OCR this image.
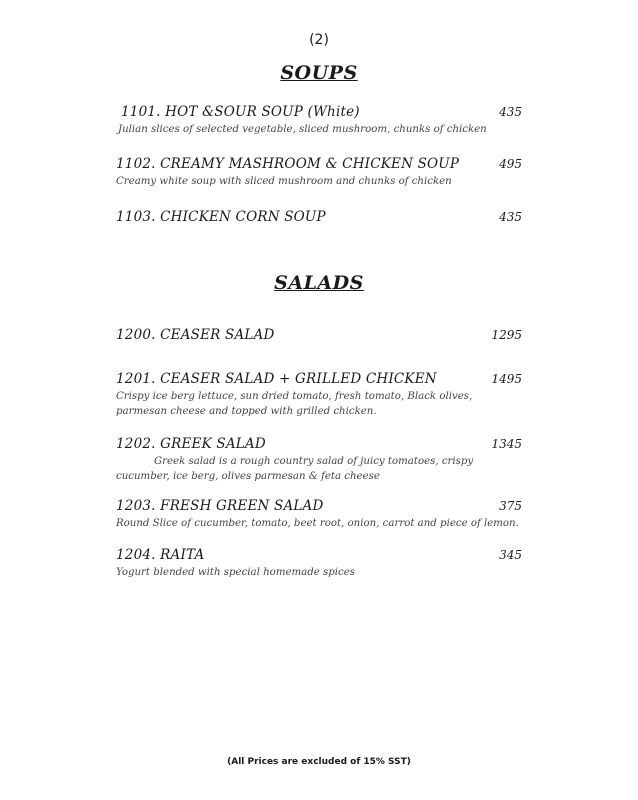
(2)
SOUPS
1101. HOT &SOUR SOUP (White)	435
Julian slices of selected vegetable, sliced mushroom, chunks of chicken
1102. CREAMY MASHROOM & CHICKEN SOUP	495
Creamy white soup with sliced mushroom and chunks of chicken
1103. CHICKEN CORN SOUP	435
SALADS
1200. CEASER SALAD	1295
1201. CEASER SALAD + GRILLED CHICKEN	1495
Crispy ice berg lettuce, sun dried tomato, fresh tomato, Black olives, parmesan cheese and topped with grilled chicken.
1202. GREEK SALAD	1345
Greek salad is a rough country salad of juicy tomatoes, crispy cucumber, ice berg, olives parmesan & feta cheese
1203. FRESH GREEN SALAD	375
Round Slice of cucumber, tomato, beet root, onion, carrot and piece of lemon.
1204. RAITA	345
Yogurt blended with special homemade spices
(All Prices are excluded of 15% SST)
